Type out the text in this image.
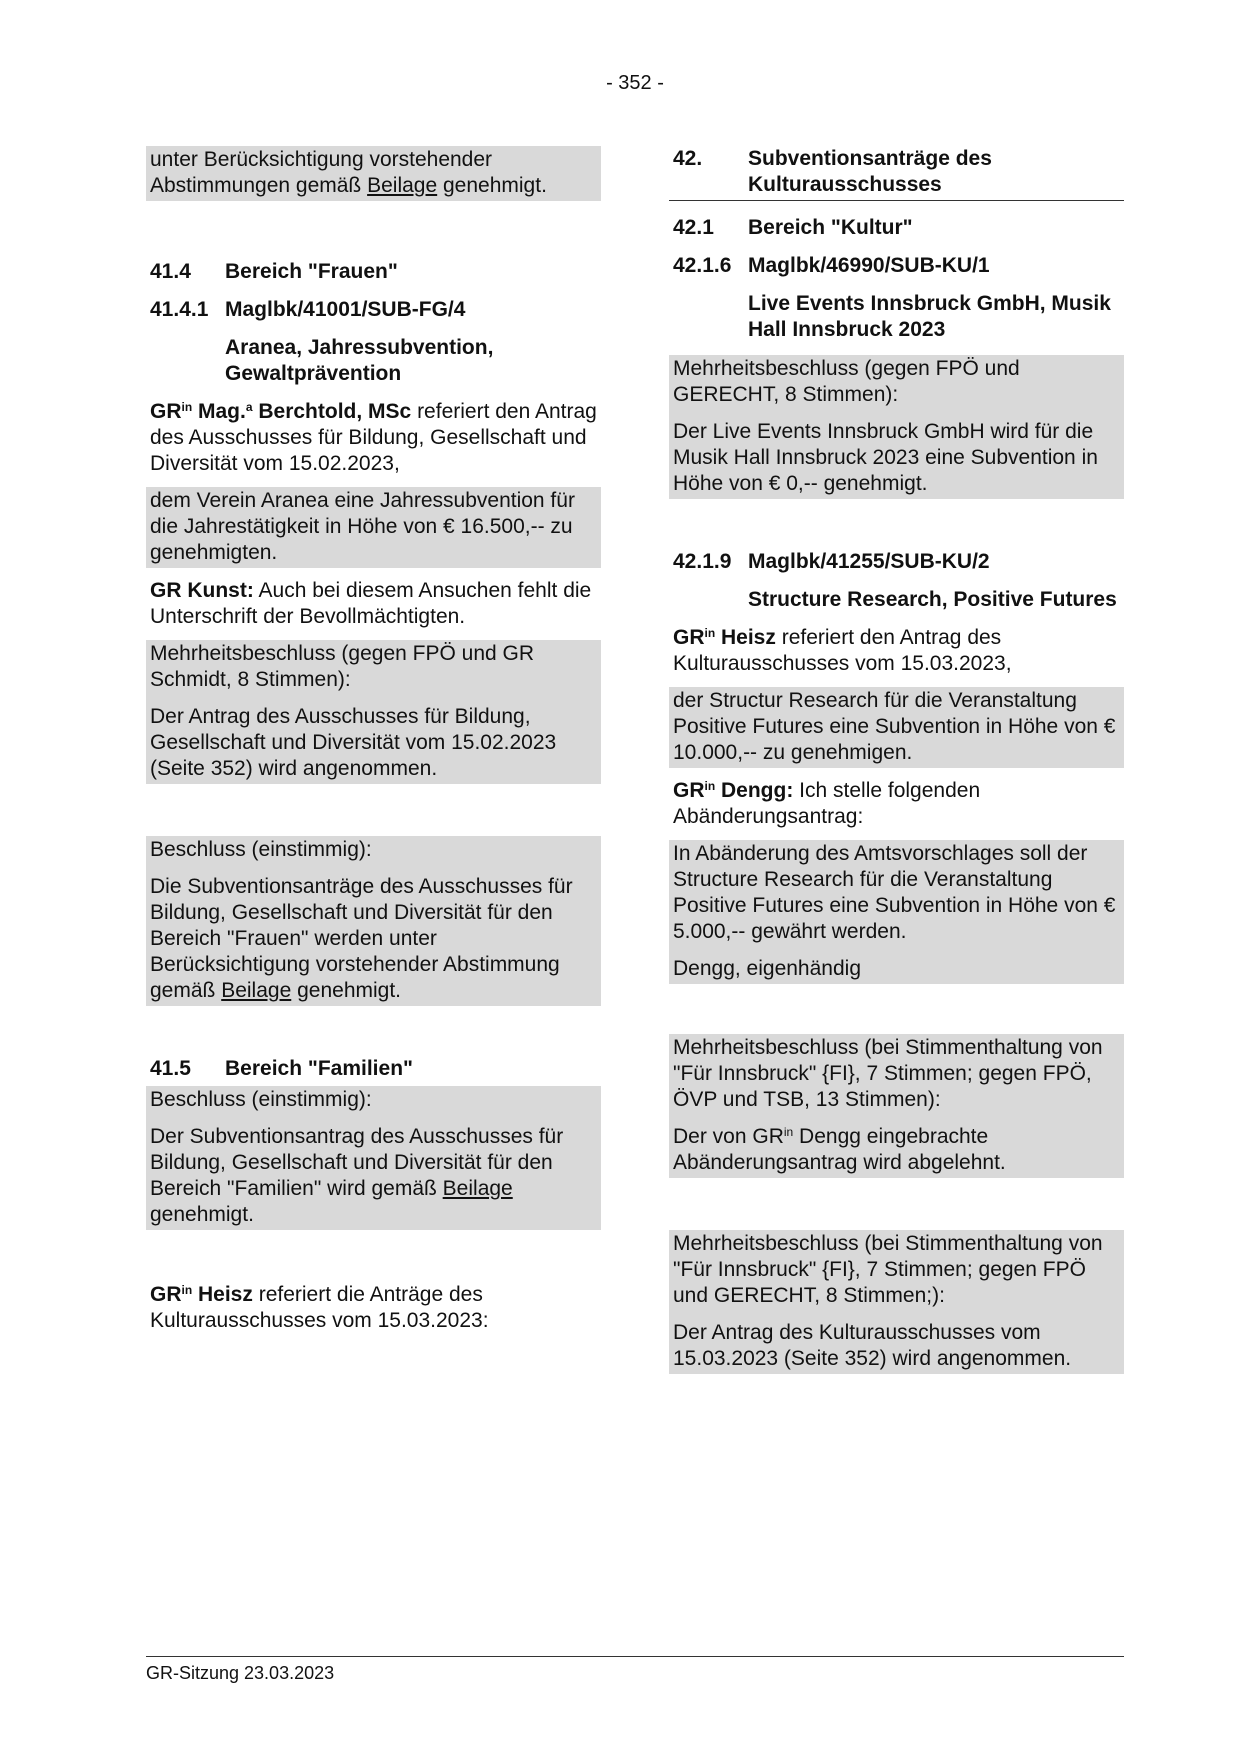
- 352 -

unter Berücksichtigung vorstehender Abstimmungen gemäß Beilage genehmigt.

41.4	Bereich "Frauen"
41.4.1 Maglbk/41001/SUB-FG/4
Aranea, Jahressubvention, Gewaltprävention
$GR^{in}$ Mag.$^a$ Berchtold, MSc referiert den Antrag des Ausschusses für Bildung, Gesellschaft und Diversität vom 15.02.2023,

dem Verein Aranea eine Jahressubvention für die Jahrestätigkeit in Höhe von € 16.500,-- zu genehmigten.

GR Kunst: Auch bei diesem Ansuchen fehlt die Unterschrift der Bevollmächtigten.

Mehrheitsbeschluss (gegen FPÖ und GR Schmidt, 8 Stimmen):

Der Antrag des Ausschusses für Bildung, Gesellschaft und Diversität vom 15.02.2023 (Seite 352) wird angenommen.

Beschluss (einstimmig):

Die Subventionsanträge des Ausschusses für Bildung, Gesellschaft und Diversität für den Bereich "Frauen" werden unter Berücksichtigung vorstehender Abstimmung gemäß Beilage genehmigt.

41.5	Bereich "Familien"

Beschluss (einstimmig):

Der Subventionsantrag des Ausschusses für Bildung, Gesellschaft und Diversität für den Bereich "Familien" wird gemäß Beilage genehmigt.

$GR^{in}$ Heisz referiert die Anträge des Kulturausschusses vom 15.03.2023:
42.	Subventionsanträge des Kulturausschusses
42.1	Bereich "Kultur"
42.1.6 Maglbk/46990/SUB-KU/1
Live Events Innsbruck GmbH, Musik Hall Innsbruck 2023

Mehrheitsbeschluss (gegen FPÖ und GERECHT, 8 Stimmen):

Der Live Events Innsbruck GmbH wird für die Musik Hall Innsbruck 2023 eine Subvention in Höhe von € 0,-- genehmigt.

42.1.9 Maglbk/41255/SUB-KU/2
Structure Research, Positive Futures
$GR^{in}$ Heisz referiert den Antrag des Kulturausschusses vom 15.03.2023,

der Structur Research für die Veranstaltung Positive Futures eine Subvention in Höhe von € 10.000,-- zu genehmigen.

$GR^{in}$ Dengg: Ich stelle folgenden Abänderungsantrag:

In Abänderung des Amtsvorschlages soll der Structure Research für die Veranstaltung Positive Futures eine Subvention in Höhe von € 5.000,-- gewährt werden.

Dengg, eigenhändig

Mehrheitsbeschluss (bei Stimmenthaltung von "Für Innsbruck" {FI}, 7 Stimmen; gegen FPÖ, ÖVP und TSB, 13 Stimmen):

Der von $GR^{in}$ Dengg eingebrachte Abänderungsantrag wird abgelehnt.

Mehrheitsbeschluss (bei Stimmenthaltung von "Für Innsbruck" {FI}, 7 Stimmen; gegen FPÖ und GERECHT, 8 Stimmen;):

Der Antrag des Kulturausschusses vom 15.03.2023 (Seite 352) wird angenommen.

GR-Sitzung 23.03.2023
